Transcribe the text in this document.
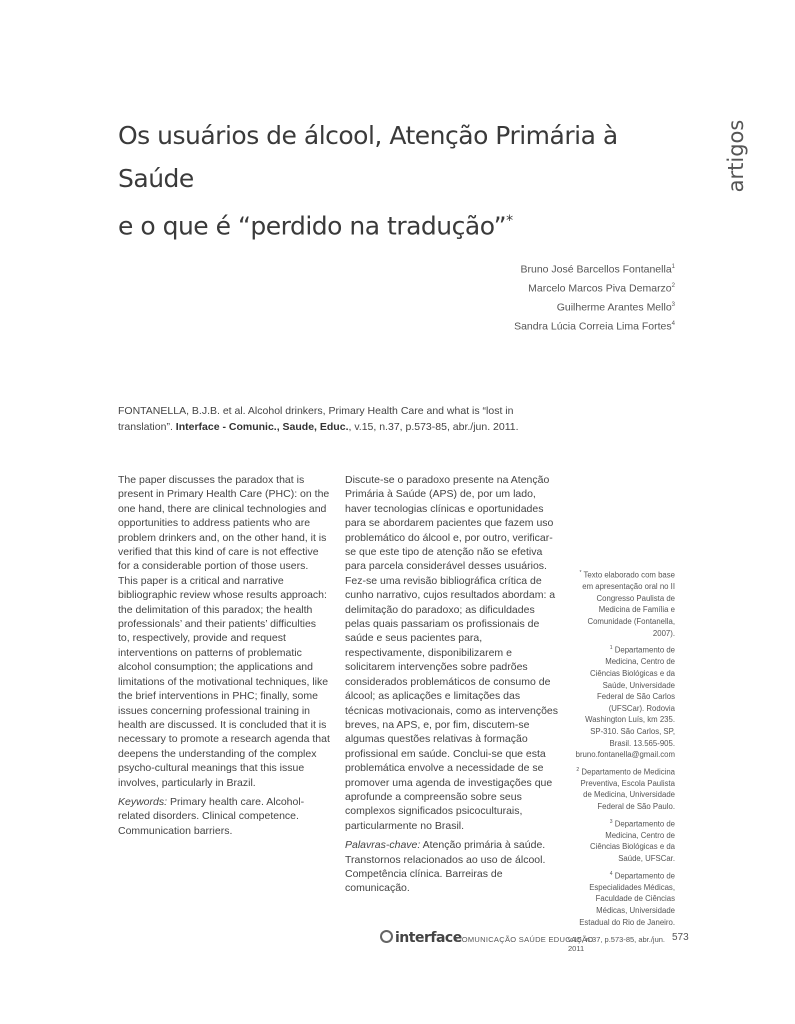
Os usuários de álcool, Atenção Primária à Saúde
e o que é “perdido na tradução”*
artigos
Bruno José Barcellos Fontanella$^1$
Marcelo Marcos Piva Demarzo$^2$
Guilherme Arantes Mello$^3$
Sandra Lúcia Correia Lima Fortes$^4$
FONTANELLA, B.J.B. et al. Alcohol drinkers, Primary Health Care and what is “lost in translation”. Interface - Comunic., Saude, Educ., v.15, n.37, p.573-85, abr./jun. 2011.

The paper discusses the paradox that is present in Primary Health Care (PHC): on the one hand, there are clinical technologies and opportunities to address patients who are problem drinkers and, on the other hand, it is verified that this kind of care is not effective for a considerable portion of those users. This paper is a critical and narrative bibliographic review whose results approach: the delimitation of this paradox; the health professionals’ and their patients’ difficulties to, respectively, provide and request interventions on patterns of problematic alcohol consumption; the applications and limitations of the motivational techniques, like the brief interventions in PHC; finally, some issues concerning professional training in health are discussed. It is concluded that it is necessary to promote a research agenda that deepens the understanding of the complex psycho-cultural meanings that this issue involves, particularly in Brazil.

Keywords: Primary health care. Alcohol-related disorders. Clinical competence. Communication barriers.

Discute-se o paradoxo presente na Atenção Primária à Saúde (APS) de, por um lado, haver tecnologias clínicas e oportunidades para se abordarem pacientes que fazem uso problemático do álcool e, por outro, verificar-se que este tipo de atenção não se efetiva para parcela considerável desses usuários. Fez-se uma revisão bibliográfica crítica de cunho narrativo, cujos resultados abordam: a delimitação do paradoxo; as dificuldades pelas quais passariam os profissionais de saúde e seus pacientes para, respectivamente, disponibilizarem e solicitarem intervenções sobre padrões considerados problemáticos de consumo de álcool; as aplicações e limitações das técnicas motivacionais, como as intervenções breves, na APS, e, por fim, discutem-se algumas questões relativas à formação profissional em saúde. Conclui-se que esta problemática envolve a necessidade de se promover uma agenda de investigações que aprofunde a compreensão sobre seus complexos significados psicoculturais, particularmente no Brasil.

Palavras-chave: Atenção primária à saúde. Transtornos relacionados ao uso de álcool. Competência clínica. Barreiras de comunicação.

* Texto elaborado com base em apresentação oral no II Congresso Paulista de Medicina de Família e Comunidade (Fontanella, 2007).

$^1$ Departamento de Medicina, Centro de Ciências Biológicas e da Saúde, Universidade Federal de São Carlos (UFSCar). Rodovia Washington Luís, km 235. SP-310. São Carlos, SP, Brasil. 13.565-905. bruno.fontanella@gmail.com

$^2$ Departamento de Medicina Preventiva, Escola Paulista de Medicina, Universidade Federal de São Paulo.

$^3$ Departamento de Medicina, Centro de Ciências Biológicas e da Saúde, UFSCar.

$^4$ Departamento de Especialidades Médicas, Faculdade de Ciências Médicas, Universidade Estadual do Rio de Janeiro.

interface
COMUNICAÇÃO SAÚDE EDUCAÇÃO
v.15, n.37, p.573-85, abr./jun. 2011
573
